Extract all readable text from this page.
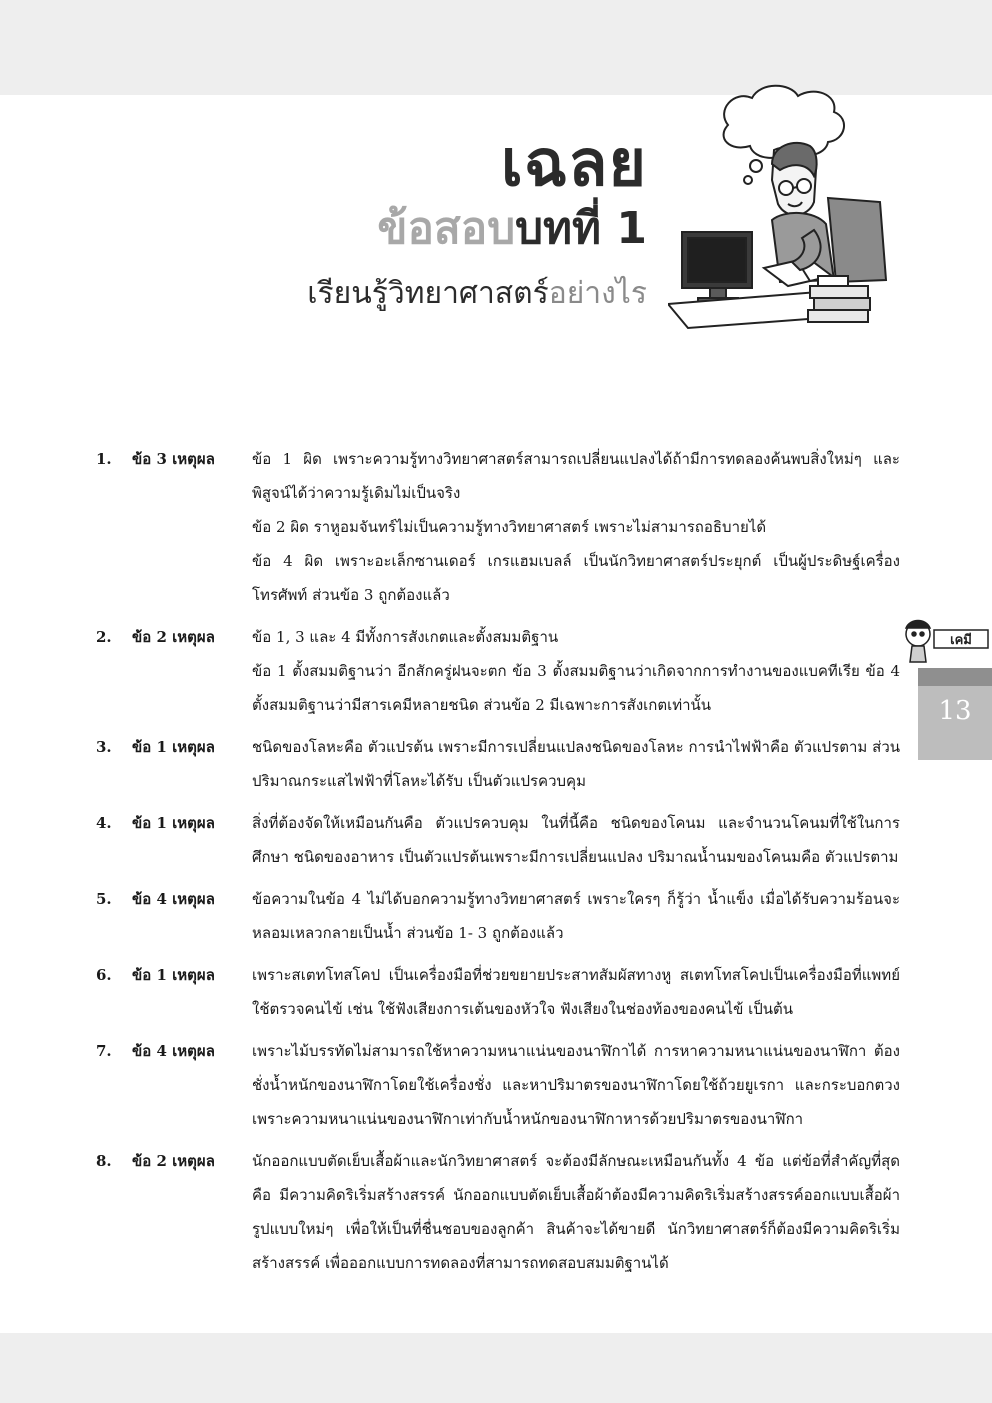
เฉลย
ข้อสอบบทที่ 1
เรียนรู้วิทยาศาสตร์อย่างไร
เคมี
13
1.	ข้อ 3 เหตุผล	ข้อ 1 ผิด เพราะความรู้ทางวิทยาศาสตร์สามารถเปลี่ยนแปลงได้ถ้ามีการทดลองค้นพบสิ่งใหม่ๆ และพิสูจน์ได้ว่าความรู้เดิมไม่เป็นจริง

ข้อ 2 ผิด ราหูอมจันทร์ไม่เป็นความรู้ทางวิทยาศาสตร์ เพราะไม่สามารถอธิบายได้

ข้อ 4 ผิด เพราะอะเล็กซานเดอร์ เกรแฮมเบลล์ เป็นนักวิทยาศาสตร์ประยุกต์ เป็นผู้ประดิษฐ์เครื่องโทรศัพท์ ส่วนข้อ 3 ถูกต้องแล้ว

2.	ข้อ 2 เหตุผล	ข้อ 1, 3 และ 4 มีทั้งการสังเกตและตั้งสมมติฐาน

ข้อ 1 ตั้งสมมติฐานว่า อีกสักครู่ฝนจะตก ข้อ 3 ตั้งสมมติฐานว่าเกิดจากการทำงานของแบคทีเรีย ข้อ 4 ตั้งสมมติฐานว่ามีสารเคมีหลายชนิด ส่วนข้อ 2 มีเฉพาะการสังเกตเท่านั้น

3.	ข้อ 1 เหตุผล	ชนิดของโลหะคือ ตัวแปรต้น เพราะมีการเปลี่ยนแปลงชนิดของโลหะ การนำไฟฟ้าคือ ตัวแปรตาม ส่วนปริมาณกระแสไฟฟ้าที่โลหะได้รับ เป็นตัวแปรควบคุม

4.	ข้อ 1 เหตุผล	สิ่งที่ต้องจัดให้เหมือนกันคือ ตัวแปรควบคุม ในที่นี้คือ ชนิดของโคนม และจำนวนโคนมที่ใช้ในการศึกษา ชนิดของอาหาร เป็นตัวแปรต้นเพราะมีการเปลี่ยนแปลง ปริมาณน้ำนมของโคนมคือ ตัวแปรตาม

5.	ข้อ 4 เหตุผล	ข้อความในข้อ 4 ไม่ได้บอกความรู้ทางวิทยาศาสตร์ เพราะใครๆ ก็รู้ว่า น้ำแข็ง เมื่อได้รับความร้อนจะหลอมเหลวกลายเป็นน้ำ ส่วนข้อ 1- 3 ถูกต้องแล้ว

6.	ข้อ 1 เหตุผล	เพราะสเตทโทสโคป เป็นเครื่องมือที่ช่วยขยายประสาทสัมผัสทางหู สเตทโทสโคปเป็นเครื่องมือที่แพทย์ใช้ตรวจคนไข้ เช่น ใช้ฟังเสียงการเต้นของหัวใจ ฟังเสียงในช่องท้องของคนไข้ เป็นต้น

7.	ข้อ 4 เหตุผล	เพราะไม้บรรทัดไม่สามารถใช้หาความหนาแน่นของนาฬิกาได้ การหาความหนาแน่นของนาฬิกา ต้องชั่งน้ำหนักของนาฬิกาโดยใช้เครื่องชั่ง และหาปริมาตรของนาฬิกาโดยใช้ถ้วยยูเรกา และกระบอกตวง เพราะความหนาแน่นของนาฬิกาเท่ากับน้ำหนักของนาฬิกาหารด้วยปริมาตรของนาฬิกา

8.	ข้อ 2 เหตุผล	นักออกแบบตัดเย็บเสื้อผ้าและนักวิทยาศาสตร์ จะต้องมีลักษณะเหมือนกันทั้ง 4 ข้อ แต่ข้อที่สำคัญที่สุด คือ มีความคิดริเริ่มสร้างสรรค์ นักออกแบบตัดเย็บเสื้อผ้าต้องมีความคิดริเริ่มสร้างสรรค์ออกแบบเสื้อผ้ารูปแบบใหม่ๆ เพื่อให้เป็นที่ชื่นชอบของลูกค้า สินค้าจะได้ขายดี นักวิทยาศาสตร์ก็ต้องมีความคิดริเริ่มสร้างสรรค์ เพื่อออกแบบการทดลองที่สามารถทดสอบสมมติฐานได้
